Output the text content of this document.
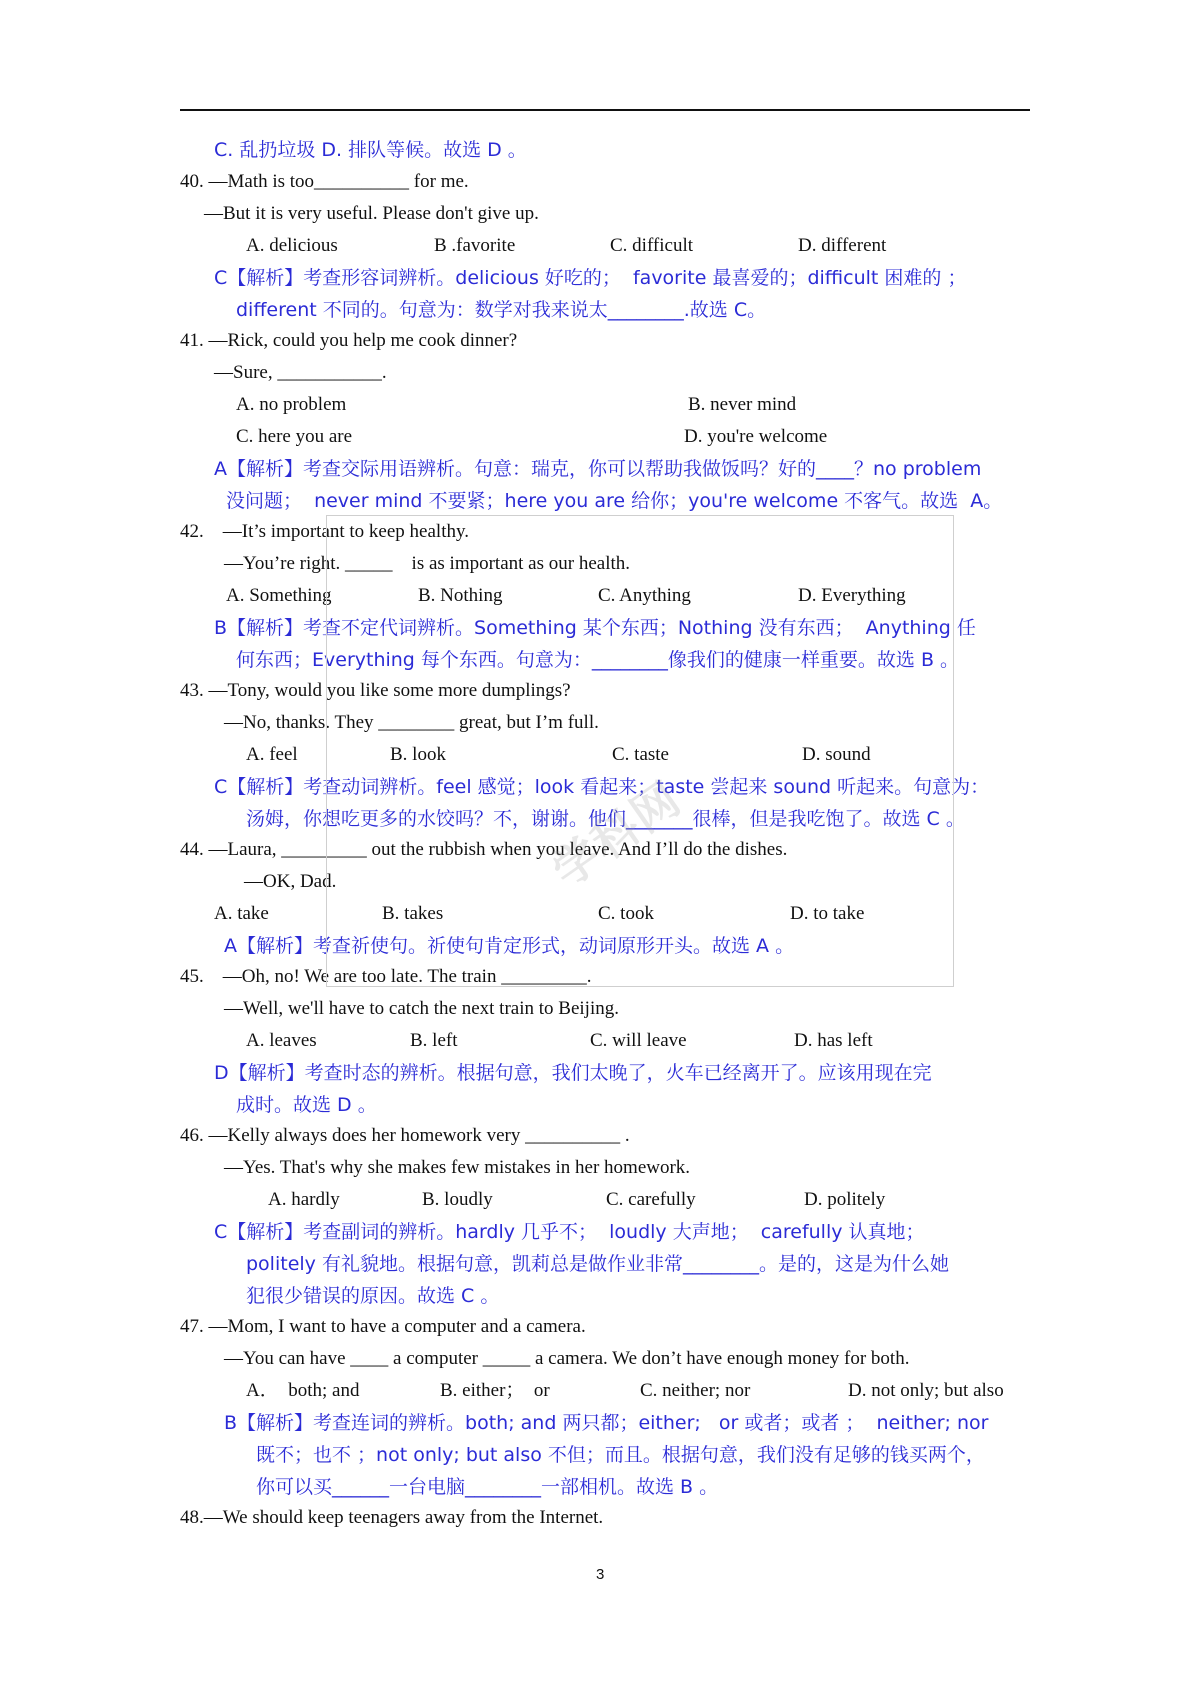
C. 乱扔垃圾 D. 排队等候。故选 D 。
40. —Math is too__________ for me.
—But it is very useful. Please don't give up.
C【解析】考查形容词辨析。delicious 好吃的；  favorite 最喜爱的；difficult 困难的 ；
different 不同的。句意为：数学对我来说太________.故选 C。
41. —Rick, could you help me cook dinner?
—Sure, ___________.
A【解析】考查交际用语辨析。句意：瑞克，你可以帮助我做饭吗？好的____？no problem
没问题；  never mind 不要紧；here you are 给你；you're welcome 不客气。故选  A。
42.    —It’s important to keep healthy.
—You’re right. _____    is as important as our health.
B【解析】考查不定代词辨析。Something 某个东西；Nothing 没有东西；  Anything 任
何东西；Everything 每个东西。句意为：________像我们的健康一样重要。故选 B 。
43. —Tony, would you like some more dumplings?
—No, thanks. They ________ great, but I’m full.
C【解析】考查动词辨析。feel 感觉；look 看起来；taste 尝起来 sound 听起来。句意为：
汤姆，你想吃更多的水饺吗？不，谢谢。他们_______很棒，但是我吃饱了。故选 C 。
44. —Laura, _________ out the rubbish when you leave. And I’ll do the dishes.
—OK, Dad.
A【解析】考查祈使句。祈使句肯定形式，动词原形开头。故选 A 。
45.    —Oh, no! We are too late. The train _________.
—Well, we'll have to catch the next train to Beijing.
D【解析】考查时态的辨析。根据句意，我们太晚了，火车已经离开了。应该用现在完
成时。故选 D 。
46. —Kelly always does her homework very __________ .
—Yes. That's why she makes few mistakes in her homework.
C【解析】考查副词的辨析。hardly 几乎不；  loudly 大声地；  carefully 认真地；
politely 有礼貌地。根据句意，凯莉总是做作业非常________。是的，这是为什么她
犯很少错误的原因。故选 C 。
47. —Mom, I want to have a computer and a camera.
—You can have ____ a computer _____ a camera. We don’t have enough money for both.
B【解析】考查连词的辨析。both; and 两只都；either;   or 或者；或者 ；  neither; nor
既不；也不 ；not only; but also 不但；而且。根据句意，我们没有足够的钱买两个，
你可以买______一台电脑________一部相机。故选 B 。
48.—We should keep teenagers away from the Internet.
A. delicious	B .favorite	C. difficult	D. different
A. no problem	B. never mind
C. here you are	D. you're welcome
A. Something	B. Nothing	C. Anything	D. Everything
A. feel	B. look	C. taste	D. sound
A. take	B. takes	C. took	D. to take
A. leaves	B. left	C. will leave	D. has left
A. hardly	B. loudly	C. carefully	D. politely
A．  both; and	B. either；  or	C. neither; nor	D. not only; but also
学科网
3
